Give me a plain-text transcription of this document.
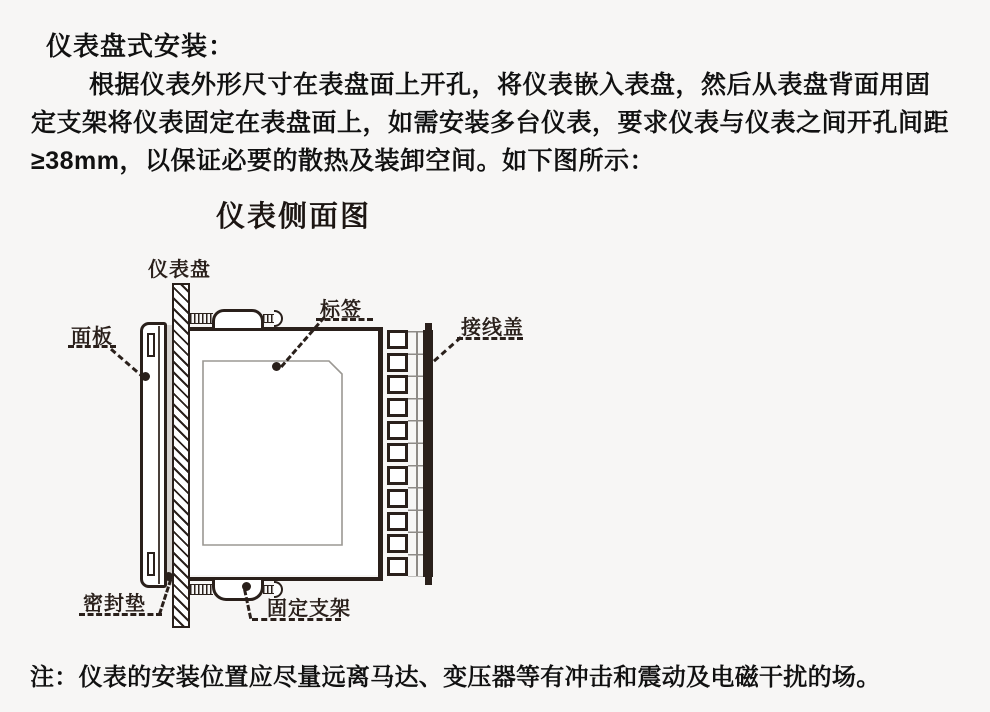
仪表盘式安装：
根据仪表外形尺寸在表盘面上开孔，将仪表嵌入表盘，然后从表盘背面用固
定支架将仪表固定在表盘面上，如需安装多台仪表，要求仪表与仪表之间开孔间距
≥38mm，以保证必要的散热及装卸空间。如下图所示：
仪表侧面图
仪表盘
面板
标签
接线盖
密封垫	固定支架
注：仪表的安装位置应尽量远离马达、变压器等有冲击和震动及电磁干扰的场。
